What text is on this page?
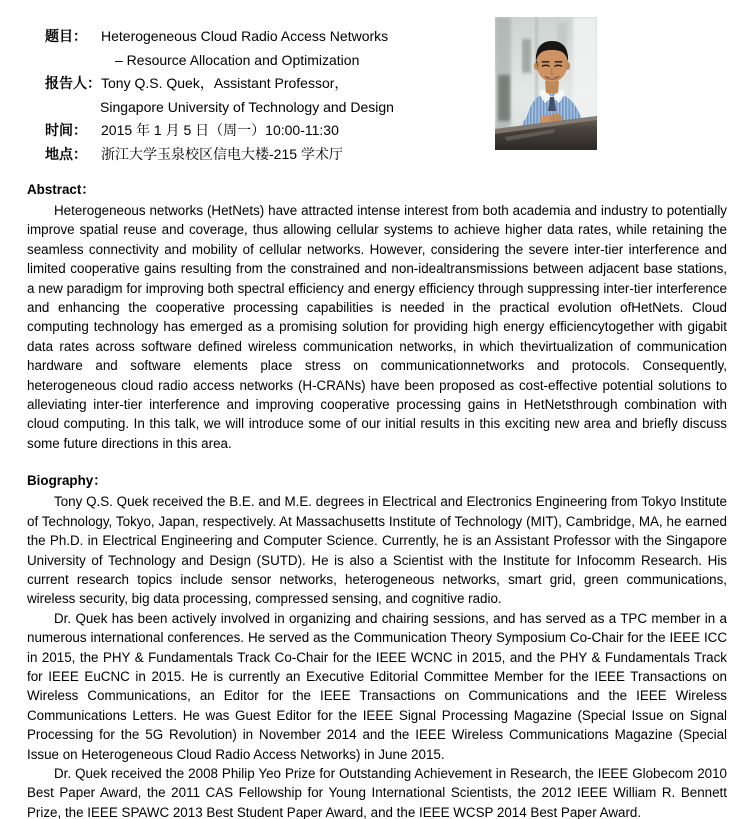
题目：	Heterogeneous Cloud Radio Access Networks
– Resource Allocation and Optimization
报告人： Tony Q.S. Quek，Assistant Professor，
Singapore University of Technology and Design
时间：	2015 年 1 月 5 日（周一）10:00-11:30
地点：	浙江大学玉泉校区信电大楼-215 学术厅
Abstract：

Heterogeneous networks (HetNets) have attracted intense interest from both academia and industry to potentially improve spatial reuse and coverage, thus allowing cellular systems to achieve higher data rates, while retaining the seamless connectivity and mobility of cellular networks. However, considering the severe inter-tier interference and limited cooperative gains resulting from the constrained and non-idealtransmissions between adjacent base stations, a new paradigm for improving both spectral efficiency and energy efficiency through suppressing inter-tier interference and enhancing the cooperative processing capabilities is needed in the practical evolution ofHetNets. Cloud computing technology has emerged as a promising solution for providing high energy efficiencytogether with gigabit data rates across software defined wireless communication networks, in which thevirtualization of communication hardware and software elements place stress on communicationnetworks and protocols. Consequently, heterogeneous cloud radio access networks (H-CRANs) have been proposed as cost-effective potential solutions to alleviating inter-tier interference and improving cooperative processing gains in HetNetsthrough combination with cloud computing. In this talk, we will introduce some of our initial results in this exciting new area and briefly discuss some future directions in this area.

Biography：

Tony Q.S. Quek received the B.E. and M.E. degrees in Electrical and Electronics Engineering from Tokyo Institute of Technology, Tokyo, Japan, respectively. At Massachusetts Institute of Technology (MIT), Cambridge, MA, he earned the Ph.D. in Electrical Engineering and Computer Science. Currently, he is an Assistant Professor with the Singapore University of Technology and Design (SUTD). He is also a Scientist with the Institute for Infocomm Research. His current research topics include sensor networks, heterogeneous networks, smart grid, green communications, wireless security, big data processing, compressed sensing, and cognitive radio.

Dr. Quek has been actively involved in organizing and chairing sessions, and has served as a TPC member in a numerous international conferences. He served as the Communication Theory Symposium Co-Chair for the IEEE ICC in 2015, the PHY & Fundamentals Track Co-Chair for the IEEE WCNC in 2015, and the PHY & Fundamentals Track for IEEE EuCNC in 2015. He is currently an Executive Editorial Committee Member for the IEEE Transactions on Wireless Communications, an Editor for the IEEE Transactions on Communications and the IEEE Wireless Communications Letters. He was Guest Editor for the IEEE Signal Processing Magazine (Special Issue on Signal Processing for the 5G Revolution) in November 2014 and the IEEE Wireless Communications Magazine (Special Issue on Heterogeneous Cloud Radio Access Networks) in June 2015.

Dr. Quek received the 2008 Philip Yeo Prize for Outstanding Achievement in Research, the IEEE Globecom 2010 Best Paper Award, the 2011 CAS Fellowship for Young International Scientists, the 2012 IEEE William R. Bennett Prize, the IEEE SPAWC 2013 Best Student Paper Award, and the IEEE WCSP 2014 Best Paper Award.
